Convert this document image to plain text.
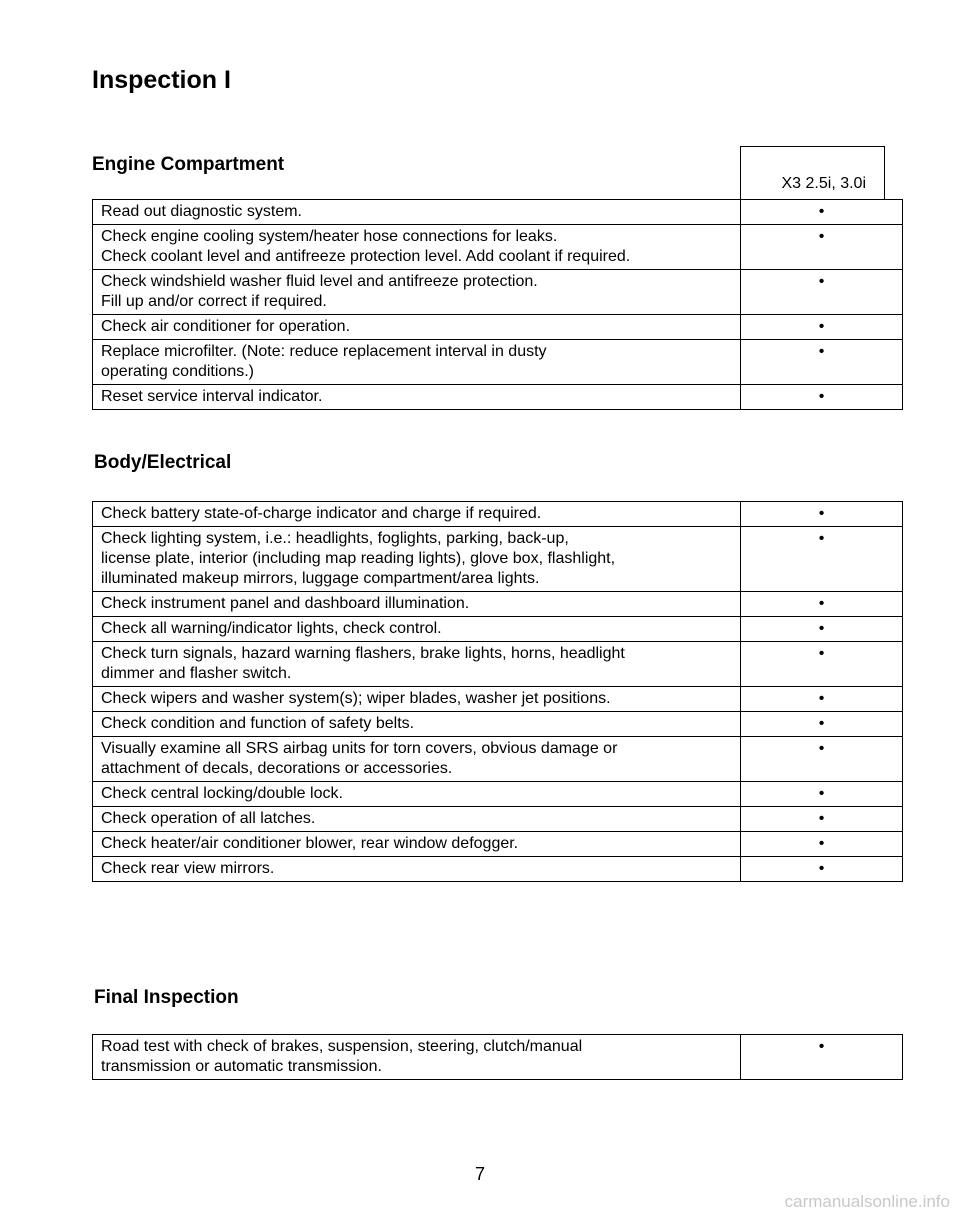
Inspection I
Engine Compartment
X3 2.5i, 3.0i
Read out diagnostic system.	•

Check engine cooling system/heater hose connections for leaks.
Check coolant level and antifreeze protection level. Add coolant if required.	•

Check windshield washer fluid level and antifreeze protection.
Fill up and/or correct if required.	•

Check air conditioner for operation.	•

Replace microfilter. (Note: reduce replacement interval in dusty
operating conditions.)	•

Reset service interval indicator.	•
Body/Electrical
Check battery state-of-charge indicator and charge if required.	•

Check lighting system, i.e.: headlights, foglights, parking, back-up,
license plate, interior (including map reading lights), glove box, flashlight,
illuminated makeup mirrors, luggage compartment/area lights.	•

Check instrument panel and dashboard illumination.	•

Check all warning/indicator lights, check control.	•

Check turn signals, hazard warning flashers, brake lights, horns, headlight
dimmer and flasher switch.	•

Check wipers and washer system(s); wiper blades, washer jet positions.	•

Check condition and function of safety belts.	•

Visually examine all SRS airbag units for torn covers, obvious damage or
attachment of decals, decorations or accessories.	•

Check central locking/double lock.	•

Check operation of all latches.	•

Check heater/air conditioner blower, rear window defogger.	•

Check rear view mirrors.	•
Final Inspection
Road test with check of brakes, suspension, steering, clutch/manual
transmission or automatic transmission.
	•
7
carmanualsonline.info
